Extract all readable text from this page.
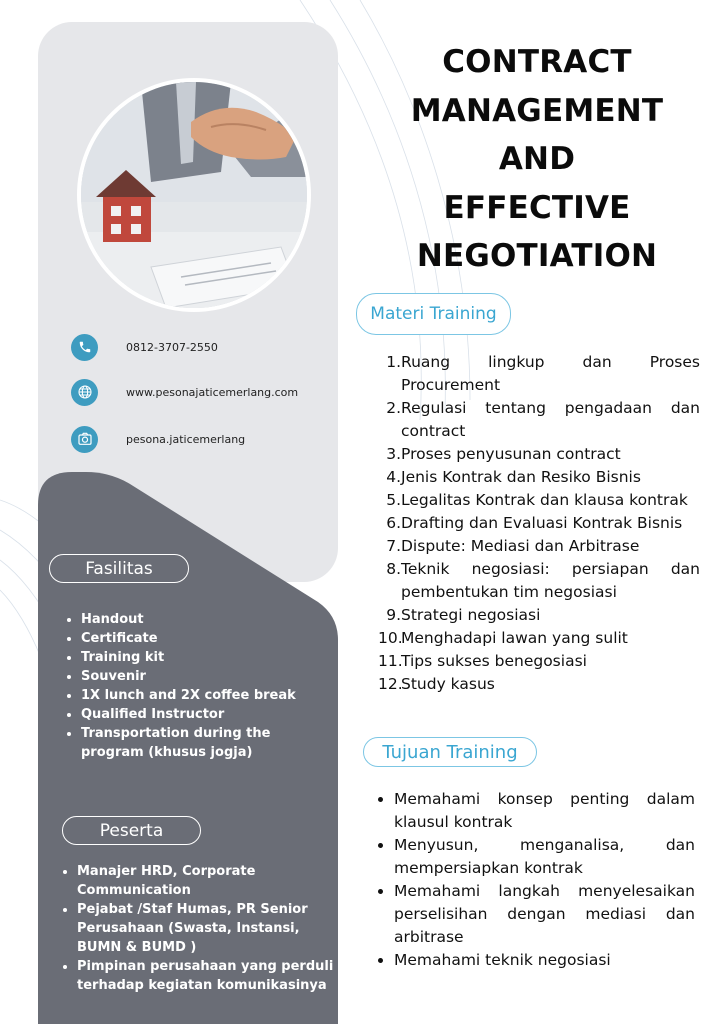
0812-3707-2550
www.pesonajaticemerlang.com
pesona.jaticemerlang
Fasilitas
• Handout
• Certificate
• Training kit
• Souvenir
• 1X lunch and 2X coffee break
• Qualified Instructor
• Transportation during the program (khusus jogja)
Peserta
• Manajer HRD, Corporate Communication
• Pejabat /Staf Humas, PR Senior Perusahaan (Swasta, Instansi, BUMN & BUMD )
• Pimpinan perusahaan yang perduli terhadap kegiatan komunikasinya
CONTRACT
MANAGEMENT
AND
EFFECTIVE
NEGOTIATION
Materi Training
1. Ruang lingkup dan Proses Procurement
2. Regulasi tentang pengadaan dan contract
3. Proses penyusunan contract
4. Jenis Kontrak dan Resiko Bisnis
5. Legalitas Kontrak dan klausa kontrak
6. Drafting dan Evaluasi Kontrak Bisnis
7. Dispute: Mediasi dan Arbitrase
8. Teknik negosiasi: persiapan dan pembentukan tim negosiasi
9. Strategi negosiasi
10.
Menghadapi lawan yang sulit
11.
Tips sukses benegosiasi
12.
Study kasus
Tujuan Training
• Memahami konsep penting dalam klausul kontrak
• Menyusun, menganalisa, dan mempersiapkan kontrak
• Memahami langkah menyelesaikan perselisihan dengan mediasi dan arbitrase
• Memahami teknik negosiasi
